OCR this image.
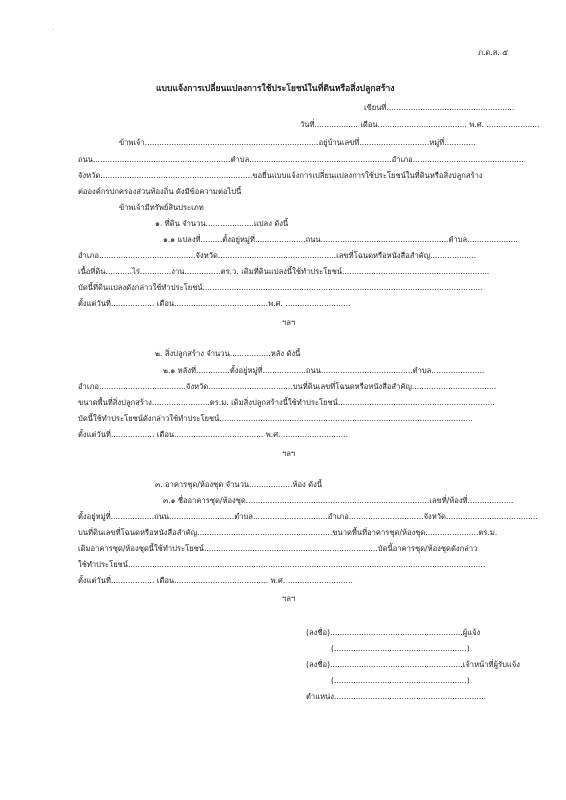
`
ภ.ด.ส. ๕
แบบแจ้งการเปลี่ยนแปลงการใช้ประโยชน์ในที่ดินหรือสิ่งปลูกสร้าง
เขียนที่.....................................................
วันที่.................. เดือน..................................... พ.ศ. ......................
ข้าพเจ้า........................................................................อยู่บ้านเลขที่.............................หมู่ที่.............
ถนน.........................................................ตำบล...........................................................อำเภอ..............................................
จังหวัด...............................................................ขอยื่นแบบแจ้งการเปลี่ยนแปลงการใช้ประโยชน์ในที่ดินหรือสิ่งปลูกสร้าง
ต่อองค์กรปกครองส่วนท้องถิ่น ดังมีข้อความต่อไปนี้
ข้าพเจ้ามีทรัพย์สินประเภท
๑. ที่ดิน จำนวน....................แปลง ดังนี้
๑.๑ แปลงที่.........ตั้งอยู่หมู่ที่.....................ถนน.....................................................ตำบล.....................
อำเภอ........................................จังหวัด.................................................เลขที่โฉนดหรือหนังสือสำคัญ...................
เนื้อที่ดิน...........ไร่.............งาน...............ตร.ว. เดิมที่ดินแปลงนี้ใช้ทำประโยชน์.............................................................
บัดนี้ที่ดินแปลงดังกล่าวใช้ทำประโยชน์....................................................................................................................
ตั้งแต่วันที่.................. เดือน.......................................พ.ศ. ...........................
ฯลฯ
๒. สิ่งปลูกสร้าง จำนวน.................หลัง ดังนี้
๒.๑ หลังที่..............ตั้งอยู่หมู่ที่..................ถนน......................................ตำบล......................
อำเภอ....................................จังหวัด...................................บนที่ดินเลขที่โฉนดหรือหนังสือสำคัญ...................................
ขนาดพื้นที่สิ่งปลูกสร้าง........................ตร.ม. เดิมสิ่งปลูกสร้างนี้ใช้ทำประโยชน์.................................................................
บัดนี้ใช้ทำประโยชน์ดังกล่าวใช้ทำประโยชน์.........................................................................................................
ตั้งแต่วันที่.................. เดือน..................................... พ.ศ. ...........................
ฯลฯ
๓. อาคารชุด/ห้องชุด จำนวน..................ห้อง ดังนี้
๓.๑ ชื่ออาคารชุด/ห้องชุด............................................................................เลขที่/ห้องที่...................
ตั้งอยู่หมู่ที่..................ถนน...........................ตำบล...............................อำเภอ...............................จังหวัด......................................
บนที่ดินเลขที่โฉนดหรือหนังสือสำคัญ........................................................ขนาดพื้นที่อาคารชุด/ห้องชุด......................ตร.ม.
เดิมอาคารชุด/ห้องชุดนี้ใช้ทำประโยชน์........................................................................บัดนี้อาคารชุด/ห้องชุดดังกล่าว
ใช้ทำประโยชน์....................................................................................................................................................
ตั้งแต่วันที่.................. เดือน....................................... พ.ศ. ...........................
ฯลฯ
(ลงชื่อ).......................................................ผู้แจ้ง
(.......................................................)
(ลงชื่อ).......................................................เจ้าหน้าที่ผู้รับแจ้ง
(.......................................................)
ตำแหน่ง...............................................................
